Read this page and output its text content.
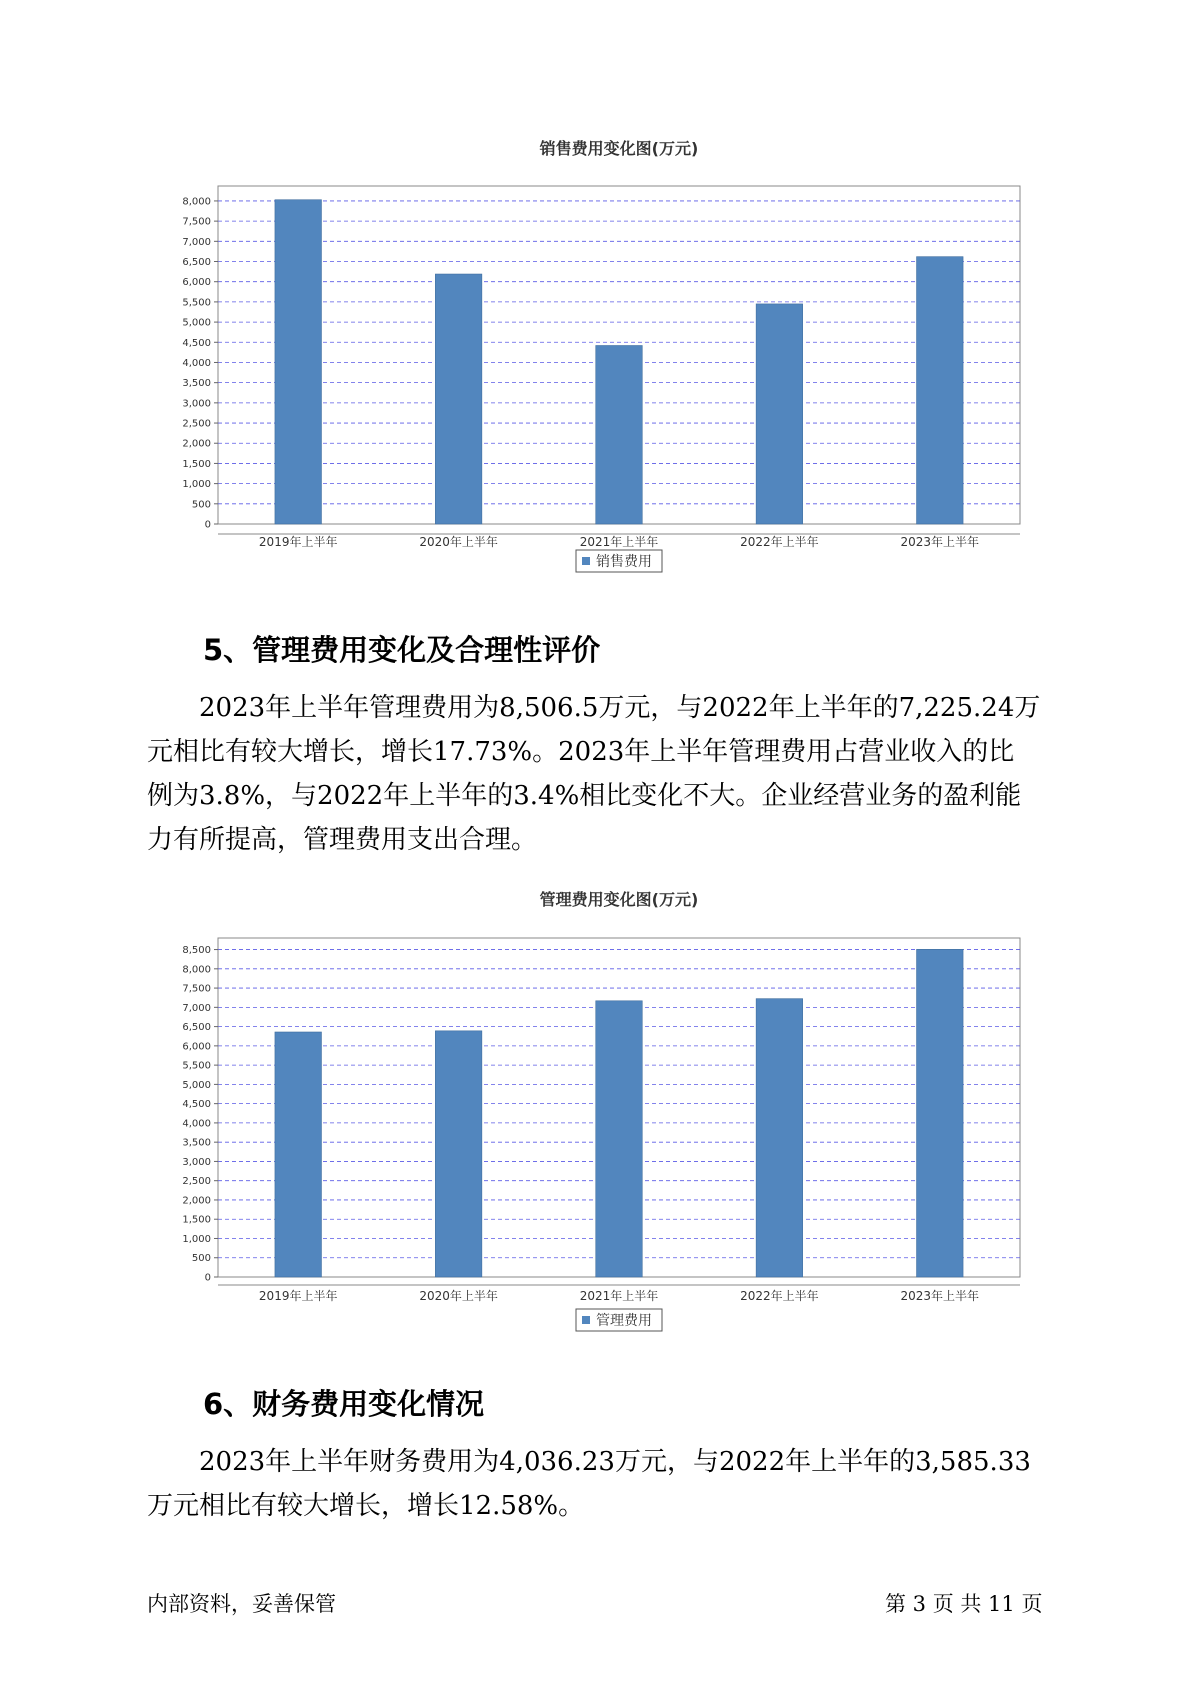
销售费用变化图(万元)
0
500
1,000
1,500
2,000
2,500
3,000
3,500
4,000
4,500
5,000
5,500
6,000
6,500
7,000
7,500
8,000
2019年上半年	2020年上半年	2021年上半年	2022年上半年	2023年上半年
销售费用
5、管理费用变化及合理性评价
2023年上半年管理费用为8,506.5万元，与2022年上半年的7,225.24万
元相比有较大增长，增长17.73%。2023年上半年管理费用占营业收入的比
例为3.8%，与2022年上半年的3.4%相比变化不大。企业经营业务的盈利能
力有所提高，管理费用支出合理。
管理费用变化图(万元)
0
500
1,000
1,500
2,000
2,500
3,000
3,500
4,000
4,500
5,000
5,500
6,000
6,500
7,000
7,500
8,000
8,500
2019年上半年	2020年上半年	2021年上半年	2022年上半年	2023年上半年
管理费用
6、财务费用变化情况
2023年上半年财务费用为4,036.23万元，与2022年上半年的3,585.33
万元相比有较大增长，增长12.58%。
内部资料，妥善保管	第 3 页 共 11 页
